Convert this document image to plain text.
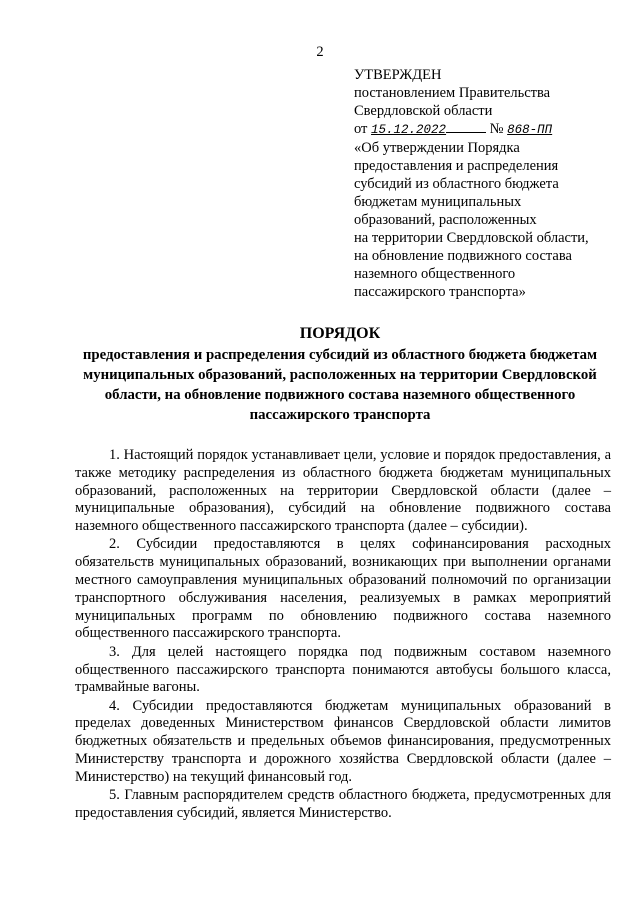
2
УТВЕРЖДЕН
постановлением Правительства
Свердловской области
от 15.12.2022	№ 868-ПП
«Об утверждении Порядка
предоставления и распределения
субсидий из областного бюджета
бюджетам муниципальных
образований, расположенных
на территории Свердловской области,
на обновление подвижного состава
наземного общественного
пассажирского транспорта»
ПОРЯДОК
предоставления и распределения субсидий из областного бюджета бюджетам муниципальных образований, расположенных на территории Свердловской области, на обновление подвижного состава наземного общественного пассажирского транспорта

1. Настоящий порядок устанавливает цели, условие и порядок предоставления, а также методику распределения из областного бюджета бюджетам муниципальных образований, расположенных на территории Свердловской области (далее – муниципальные образования), субсидий на обновление подвижного состава наземного общественного пассажирского транспорта (далее – субсидии).

2. Субсидии предоставляются в целях софинансирования расходных обязательств муниципальных образований, возникающих при выполнении органами местного самоуправления муниципальных образований полномочий по организации транспортного обслуживания населения, реализуемых в рамках мероприятий муниципальных программ по обновлению подвижного состава наземного общественного пассажирского транспорта.

3. Для целей настоящего порядка под подвижным составом наземного общественного пассажирского транспорта понимаются автобусы большого класса, трамвайные вагоны.

4. Субсидии предоставляются бюджетам муниципальных образований в пределах доведенных Министерством финансов Свердловской области лимитов бюджетных обязательств и предельных объемов финансирования, предусмотренных Министерству транспорта и дорожного хозяйства Свердловской области (далее – Министерство) на текущий финансовый год.

5. Главным распорядителем средств областного бюджета, предусмотренных для предоставления субсидий, является Министерство.
